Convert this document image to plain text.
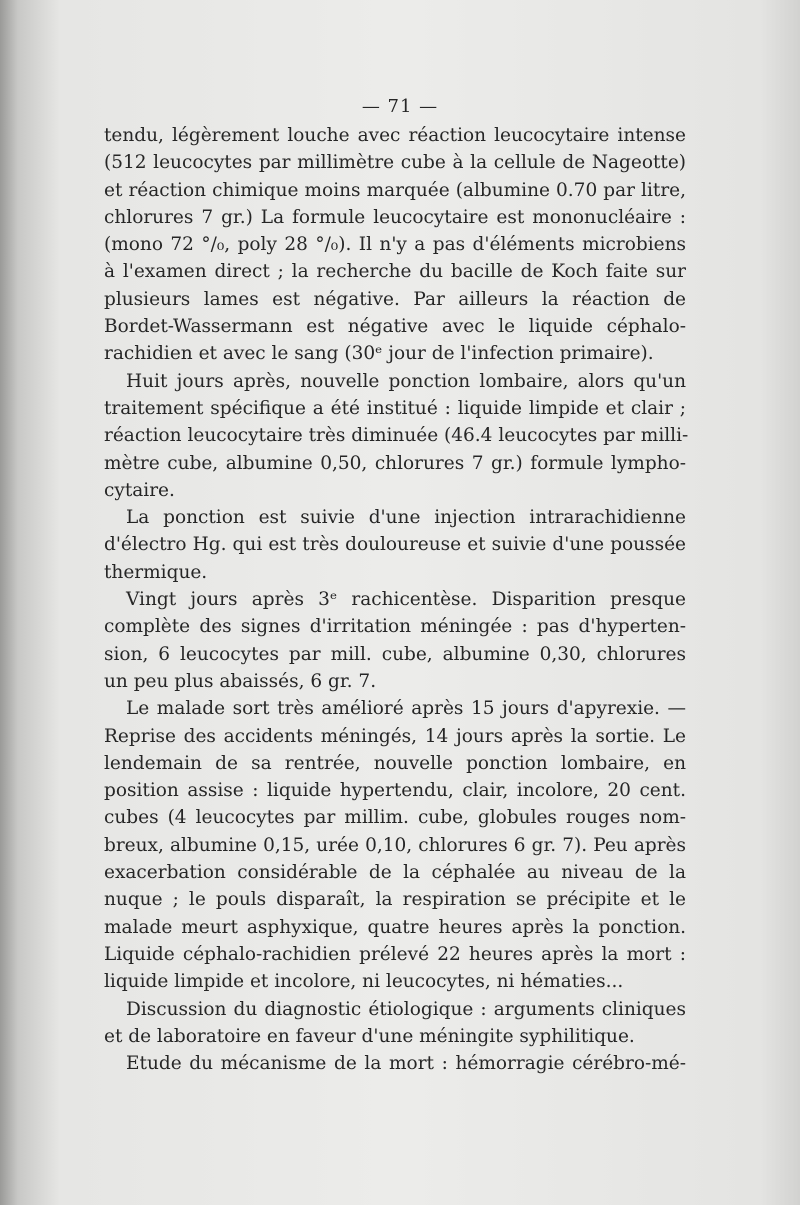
— 71 —
tendu, légèrement louche avec réaction leucocytaire intense
(512 leucocytes par millimètre cube à la cellule de Nageotte)
et réaction chimique moins marquée (albumine 0.70 par litre,
chlorures 7 gr.) La formule leucocytaire est mononucléaire :
(mono 72 °/₀, poly 28 °/₀). Il n'y a pas d'éléments microbiens
à l'examen direct ; la recherche du bacille de Koch faite sur
plusieurs lames est négative. Par ailleurs la réaction de
Bordet-Wassermann est négative avec le liquide céphalo-
rachidien et avec le sang (30ᵉ jour de l'infection primaire).
Huit jours après, nouvelle ponction lombaire, alors qu'un
traitement spécifique a été institué : liquide limpide et clair ;
réaction leucocytaire très diminuée (46.4 leucocytes par milli-
mètre cube, albumine 0,50, chlorures 7 gr.) formule lympho-
cytaire.
La ponction est suivie d'une injection intrarachidienne
d'électro Hg. qui est très douloureuse et suivie d'une poussée
thermique.
Vingt jours après 3ᵉ rachicentèse. Disparition presque
complète des signes d'irritation méningée : pas d'hyperten-
sion, 6 leucocytes par mill. cube, albumine 0,30, chlorures
un peu plus abaissés, 6 gr. 7.
Le malade sort très amélioré après 15 jours d'apyrexie. —
Reprise des accidents méningés, 14 jours après la sortie. Le
lendemain de sa rentrée, nouvelle ponction lombaire, en
position assise : liquide hypertendu, clair, incolore, 20 cent.
cubes (4 leucocytes par millim. cube, globules rouges nom-
breux, albumine 0,15, urée 0,10, chlorures 6 gr. 7). Peu après
exacerbation considérable de la céphalée au niveau de la
nuque ; le pouls disparaît, la respiration se précipite et le
malade meurt asphyxique, quatre heures après la ponction.
Liquide céphalo-rachidien prélevé 22 heures après la mort :
liquide limpide et incolore, ni leucocytes, ni hématies...
Discussion du diagnostic étiologique : arguments cliniques
et de laboratoire en faveur d'une méningite syphilitique.
Etude du mécanisme de la mort : hémorragie cérébro-mé-
